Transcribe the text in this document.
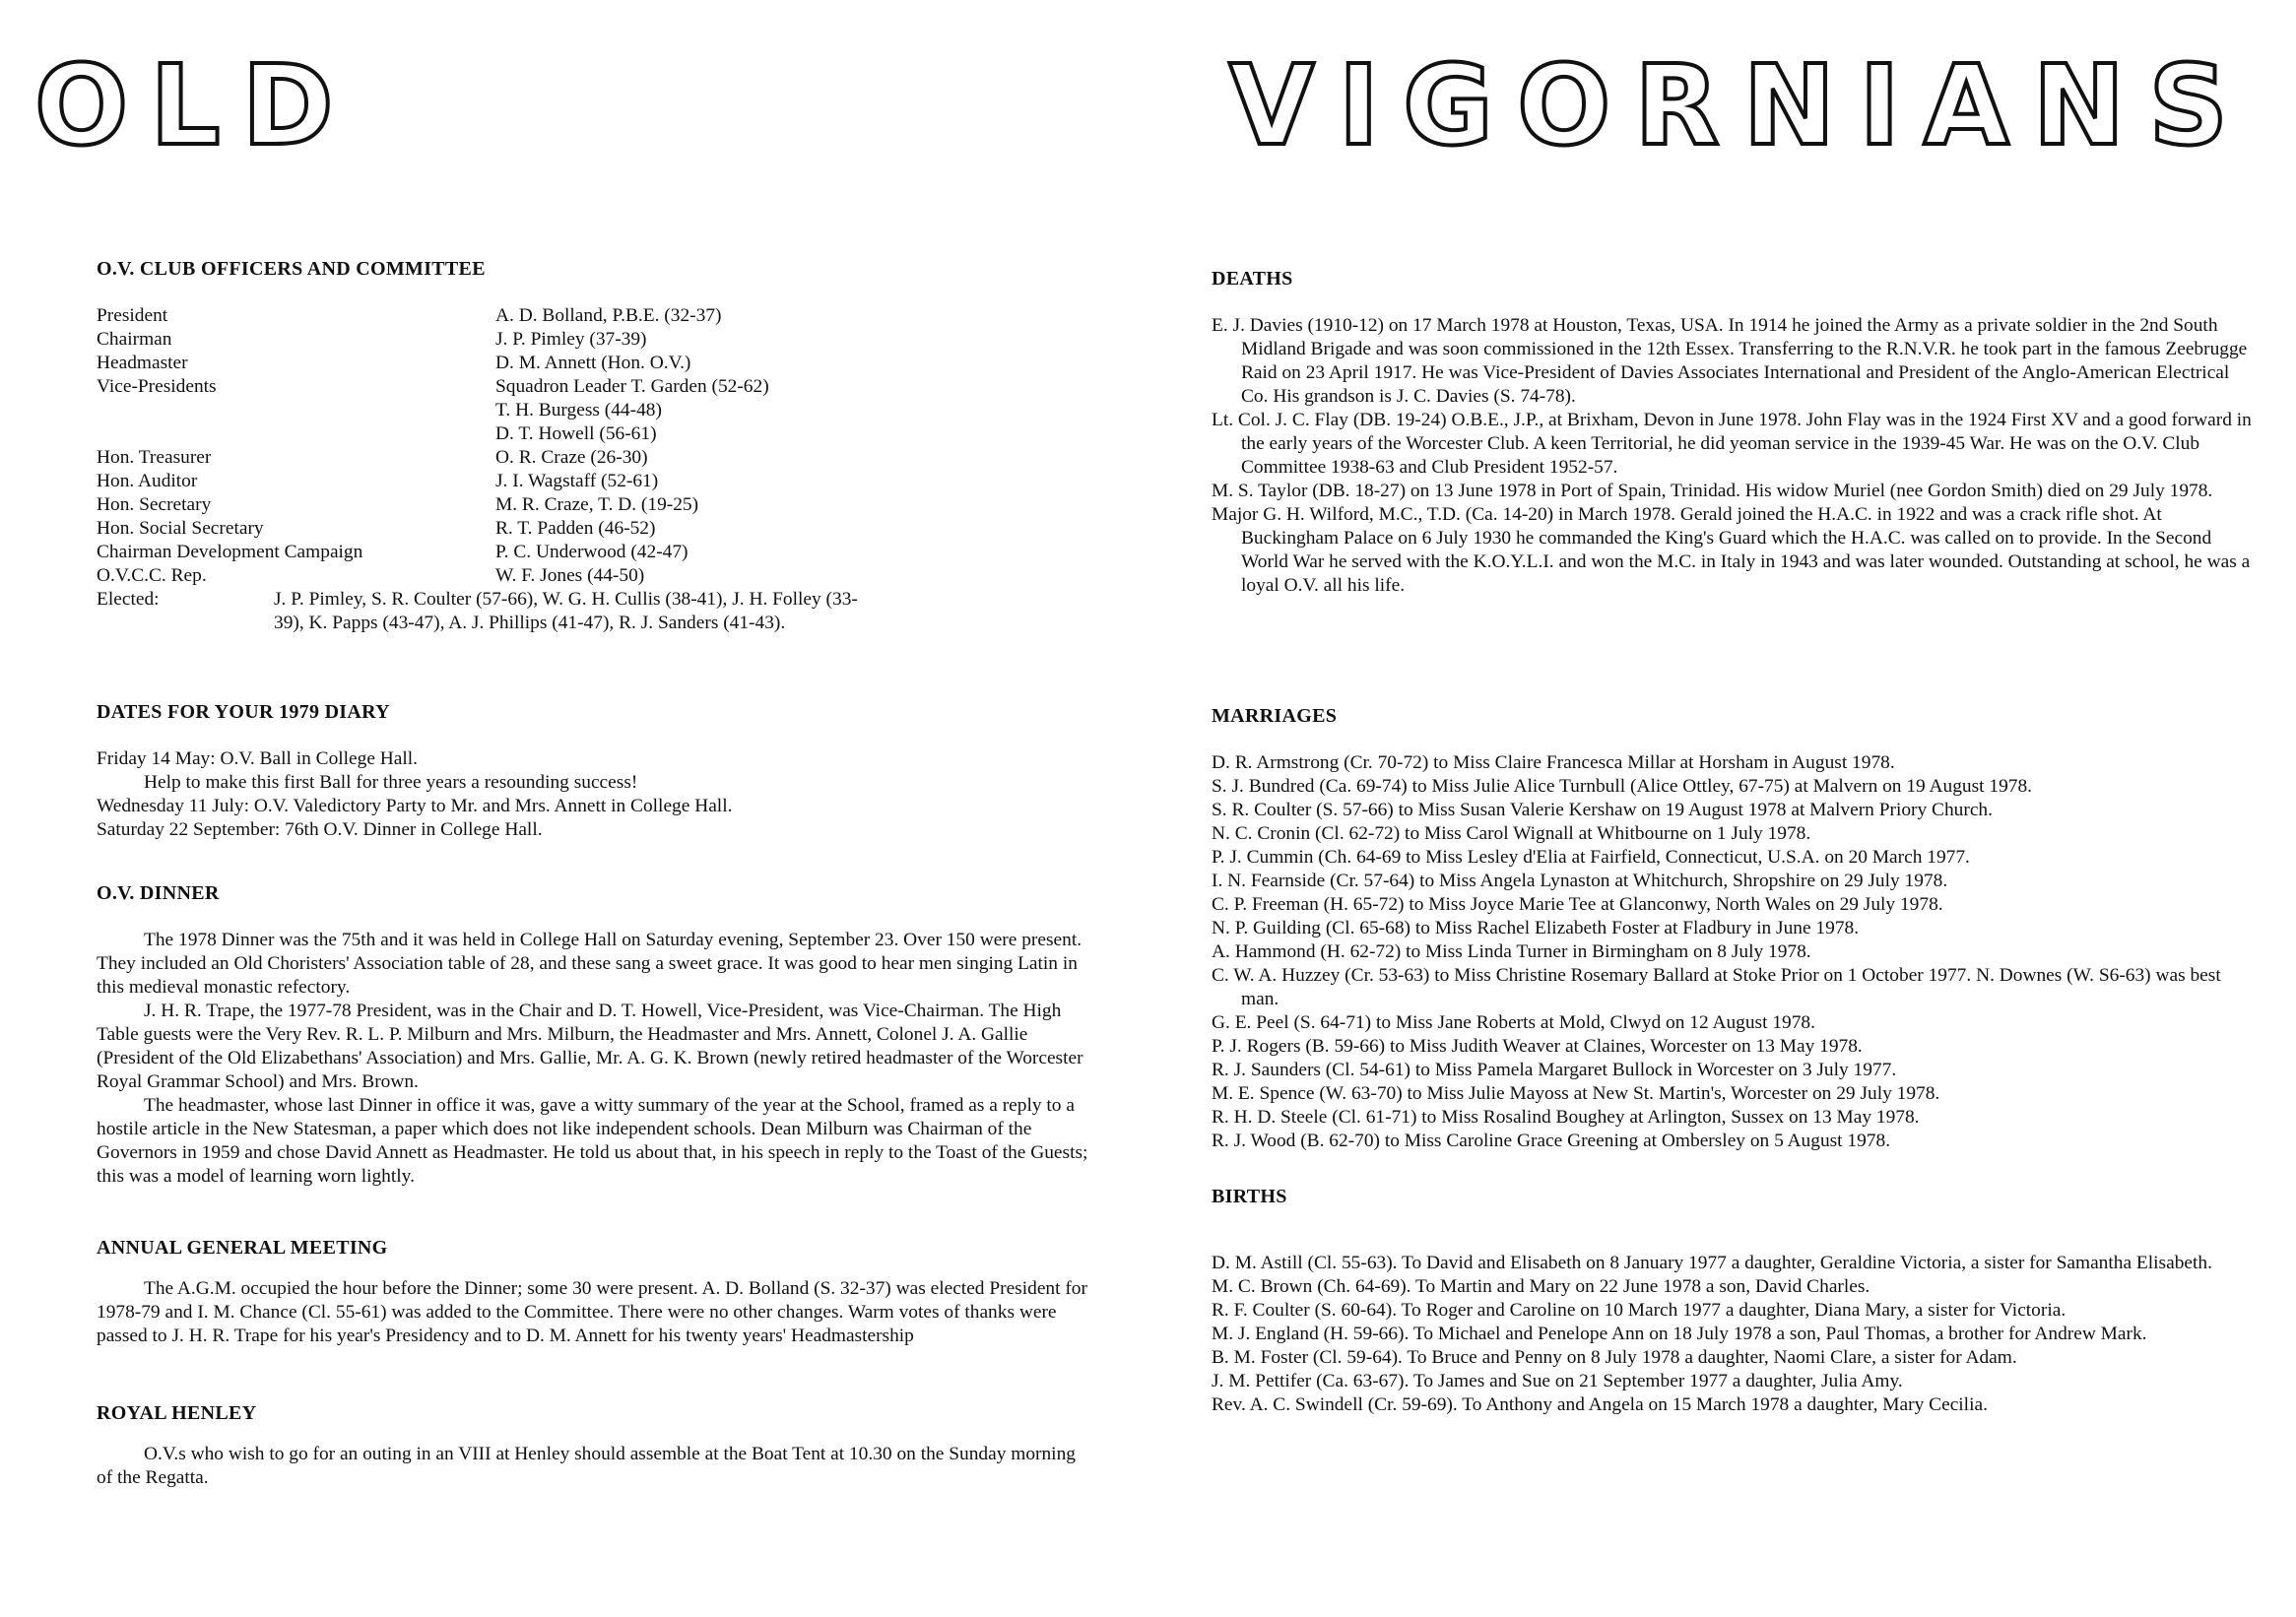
OLD
O.V. CLUB OFFICERS AND COMMITTEE
President	A. D. Bolland, P.B.E. (32-37)
Chairman	J. P. Pimley (37-39)
Headmaster	D. M. Annett (Hon. O.V.)
Vice-Presidents	Squadron Leader T. Garden (52-62)
T. H. Burgess (44-48)
D. T. Howell (56-61)
Hon. Treasurer	O. R. Craze (26-30)
Hon. Auditor	J. I. Wagstaff (52-61)
Hon. Secretary	M. R. Craze, T. D. (19-25)
Hon. Social Secretary	R. T. Padden (46-52)
Chairman Development Campaign	P. C. Underwood (42-47)
O.V.C.C. Rep.	W. F. Jones (44-50)
Elected:	J. P. Pimley, S. R. Coulter (57-66), W. G. H. Cullis (38-41), J. H. Folley (33-39), K. Papps (43-47), A. J. Phillips (41-47), R. J. Sanders (41-43).
DATES FOR YOUR 1979 DIARY

Friday 14 May: O.V. Ball in College Hall.

Help to make this first Ball for three years a resounding success!

Wednesday 11 July: O.V. Valedictory Party to Mr. and Mrs. Annett in College Hall.

Saturday 22 September: 76th O.V. Dinner in College Hall.

O.V. DINNER

The 1978 Dinner was the 75th and it was held in College Hall on Saturday evening, September 23. Over 150 were present. They included an Old Choristers' Association table of 28, and these sang a sweet grace. It was good to hear men singing Latin in this medieval monastic refectory.

J. H. R. Trape, the 1977-78 President, was in the Chair and D. T. Howell, Vice-President, was Vice-Chairman. The High Table guests were the Very Rev. R. L. P. Milburn and Mrs. Milburn, the Headmaster and Mrs. Annett, Colonel J. A. Gallie (President of the Old Elizabethans' Association) and Mrs. Gallie, Mr. A. G. K. Brown (newly retired headmaster of the Worcester Royal Grammar School) and Mrs. Brown.

The headmaster, whose last Dinner in office it was, gave a witty summary of the year at the School, framed as a reply to a hostile article in the New Statesman, a paper which does not like independent schools. Dean Milburn was Chairman of the Governors in 1959 and chose David Annett as Headmaster. He told us about that, in his speech in reply to the Toast of the Guests; this was a model of learning worn lightly.

ANNUAL GENERAL MEETING

The A.G.M. occupied the hour before the Dinner; some 30 were present. A. D. Bolland (S. 32-37) was elected President for 1978-79 and I. M. Chance (Cl. 55-61) was added to the Committee. There were no other changes. Warm votes of thanks were passed to J. H. R. Trape for his year's Presidency and to D. M. Annett for his twenty years' Headmastership

ROYAL HENLEY

O.V.s who wish to go for an outing in an VIII at Henley should assemble at the Boat Tent at 10.30 on the Sunday morning of the Regatta.

VIGORNIANS
DEATHS

E. J. Davies (1910-12) on 17 March 1978 at Houston, Texas, USA. In 1914 he joined the Army as a private soldier in the 2nd South Midland Brigade and was soon commissioned in the 12th Essex. Transferring to the R.N.V.R. he took part in the famous Zeebrugge Raid on 23 April 1917. He was Vice-President of Davies Associates International and President of the Anglo-American Electrical Co. His grandson is J. C. Davies (S. 74-78).

Lt. Col. J. C. Flay (DB. 19-24) O.B.E., J.P., at Brixham, Devon in June 1978. John Flay was in the 1924 First XV and a good forward in the early years of the Worcester Club. A keen Territorial, he did yeoman service in the 1939-45 War. He was on the O.V. Club Committee 1938-63 and Club President 1952-57.

M. S. Taylor (DB. 18-27) on 13 June 1978 in Port of Spain, Trinidad. His widow Muriel (nee Gordon Smith) died on 29 July 1978.

Major G. H. Wilford, M.C., T.D. (Ca. 14-20) in March 1978. Gerald joined the H.A.C. in 1922 and was a crack rifle shot. At Buckingham Palace on 6 July 1930 he commanded the King's Guard which the H.A.C. was called on to provide. In the Second World War he served with the K.O.Y.L.I. and won the M.C. in Italy in 1943 and was later wounded. Outstanding at school, he was a loyal O.V. all his life.

MARRIAGES

D. R. Armstrong (Cr. 70-72) to Miss Claire Francesca Millar at Horsham in August 1978.

S. J. Bundred (Ca. 69-74) to Miss Julie Alice Turnbull (Alice Ottley, 67-75) at Malvern on 19 August 1978.

S. R. Coulter (S. 57-66) to Miss Susan Valerie Kershaw on 19 August 1978 at Malvern Priory Church.

N. C. Cronin (Cl. 62-72) to Miss Carol Wignall at Whitbourne on 1 July 1978.

P. J. Cummin (Ch. 64-69 to Miss Lesley d'Elia at Fairfield, Connecticut, U.S.A. on 20 March 1977.

I. N. Fearnside (Cr. 57-64) to Miss Angela Lynaston at Whitchurch, Shropshire on 29 July 1978.

C. P. Freeman (H. 65-72) to Miss Joyce Marie Tee at Glanconwy, North Wales on 29 July 1978.

N. P. Guilding (Cl. 65-68) to Miss Rachel Elizabeth Foster at Fladbury in June 1978.

A. Hammond (H. 62-72) to Miss Linda Turner in Birmingham on 8 July 1978.

C. W. A. Huzzey (Cr. 53-63) to Miss Christine Rosemary Ballard at Stoke Prior on 1 October 1977. N. Downes (W. S6-63) was best man.

G. E. Peel (S. 64-71) to Miss Jane Roberts at Mold, Clwyd on 12 August 1978.

P. J. Rogers (B. 59-66) to Miss Judith Weaver at Claines, Worcester on 13 May 1978.

R. J. Saunders (Cl. 54-61) to Miss Pamela Margaret Bullock in Worcester on 3 July 1977.

M. E. Spence (W. 63-70) to Miss Julie Mayoss at New St. Martin's, Worcester on 29 July 1978.

R. H. D. Steele (Cl. 61-71) to Miss Rosalind Boughey at Arlington, Sussex on 13 May 1978.

R. J. Wood (B. 62-70) to Miss Caroline Grace Greening at Ombersley on 5 August 1978.

BIRTHS

D. M. Astill (Cl. 55-63). To David and Elisabeth on 8 January 1977 a daughter, Geraldine Victoria, a sister for Samantha Elisabeth.

M. C. Brown (Ch. 64-69). To Martin and Mary on 22 June 1978 a son, David Charles.

R. F. Coulter (S. 60-64). To Roger and Caroline on 10 March 1977 a daughter, Diana Mary, a sister for Victoria.

M. J. England (H. 59-66). To Michael and Penelope Ann on 18 July 1978 a son, Paul Thomas, a brother for Andrew Mark.

B. M. Foster (Cl. 59-64). To Bruce and Penny on 8 July 1978 a daughter, Naomi Clare, a sister for Adam.

J. M. Pettifer (Ca. 63-67). To James and Sue on 21 September 1977 a daughter, Julia Amy.

Rev. A. C. Swindell (Cr. 59-69). To Anthony and Angela on 15 March 1978 a daughter, Mary Cecilia.
